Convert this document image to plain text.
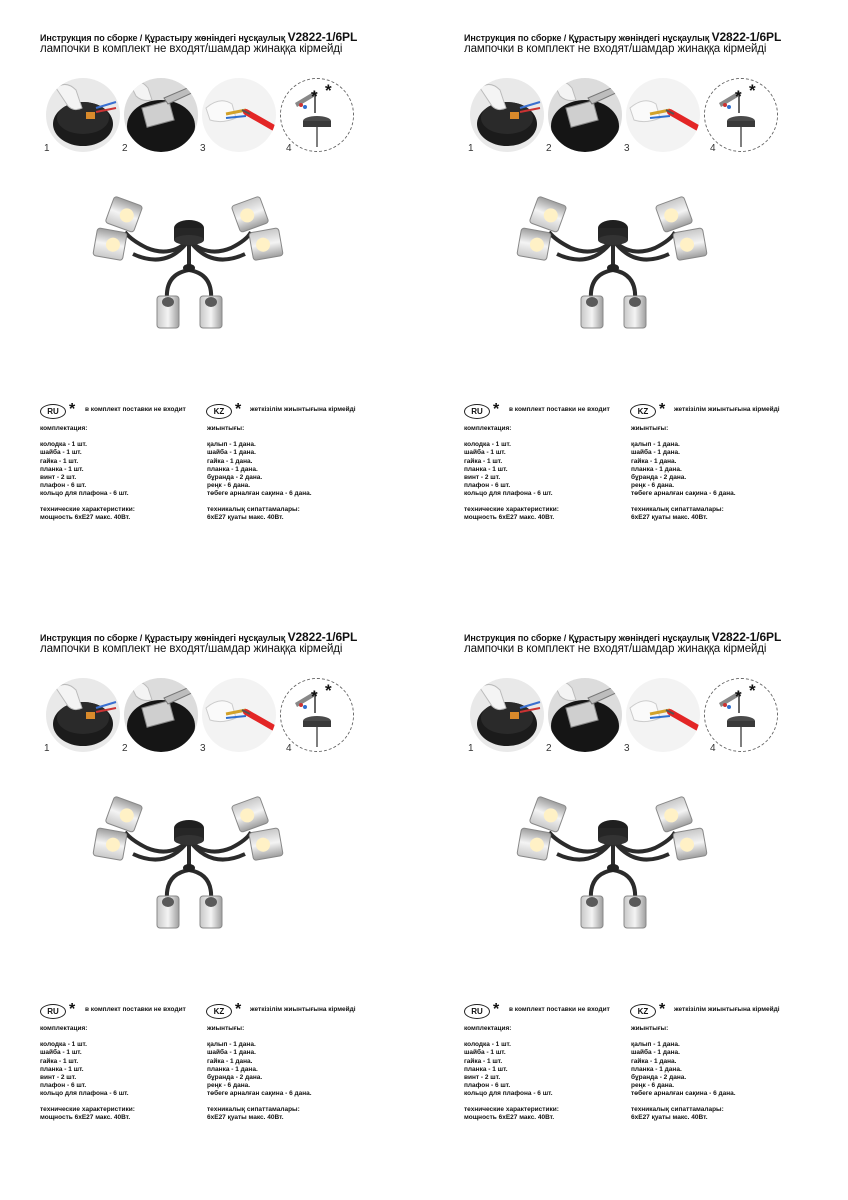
Инструкция по сборке / Құрастыру жөніндегі нұсқаулық V2822-1/6PL
лампочки в комплект не входят/шамдар жинаққа кірмейді
1	2	3
* *
4
RU * в комплект поставки не входит	KZ * жеткізілім жиынтығына кірмейді
комплектация:
колодка - 1 шт.
шайба - 1 шт.
гайка - 1 шт.
планка - 1 шт.
винт - 2 шт.
плафон - 6 шт.
кольцо для плафона - 6 шт.
технические характеристики:
мощность 6хЕ27 макс. 40Вт.
жиынтығы:
қалып - 1 дана.
шайба - 1 дана.
гайка - 1 дана.
планка - 1 дана.
бұранда - 2 дана.
реңк - 6 дана.
төбеге арналған сақина - 6 дана.
техникалық сипаттамалары:
6хЕ27 қуаты макс. 40Вт.
Инструкция по сборке / Құрастыру жөніндегі нұсқаулық V2822-1/6PL
лампочки в комплект не входят/шамдар жинаққа кірмейді
1	2	3
* *
4
RU * в комплект поставки не входит	KZ * жеткізілім жиынтығына кірмейді
комплектация:
колодка - 1 шт.
шайба - 1 шт.
гайка - 1 шт.
планка - 1 шт.
винт - 2 шт.
плафон - 6 шт.
кольцо для плафона - 6 шт.
технические характеристики:
мощность 6хЕ27 макс. 40Вт.
жиынтығы:
қалып - 1 дана.
шайба - 1 дана.
гайка - 1 дана.
планка - 1 дана.
бұранда - 2 дана.
реңк - 6 дана.
төбеге арналған сақина - 6 дана.
техникалық сипаттамалары:
6хЕ27 қуаты макс. 40Вт.
Инструкция по сборке / Құрастыру жөніндегі нұсқаулық V2822-1/6PL
лампочки в комплект не входят/шамдар жинаққа кірмейді
1	2	3
* *
4
RU * в комплект поставки не входит	KZ * жеткізілім жиынтығына кірмейді
комплектация:
колодка - 1 шт.
шайба - 1 шт.
гайка - 1 шт.
планка - 1 шт.
винт - 2 шт.
плафон - 6 шт.
кольцо для плафона - 6 шт.
технические характеристики:
мощность 6хЕ27 макс. 40Вт.
жиынтығы:
қалып - 1 дана.
шайба - 1 дана.
гайка - 1 дана.
планка - 1 дана.
бұранда - 2 дана.
реңк - 6 дана.
төбеге арналған сақина - 6 дана.
техникалық сипаттамалары:
6хЕ27 қуаты макс. 40Вт.
Инструкция по сборке / Құрастыру жөніндегі нұсқаулық V2822-1/6PL
лампочки в комплект не входят/шамдар жинаққа кірмейді
1	2	3
* *
4
RU * в комплект поставки не входит	KZ * жеткізілім жиынтығына кірмейді
комплектация:
колодка - 1 шт.
шайба - 1 шт.
гайка - 1 шт.
планка - 1 шт.
винт - 2 шт.
плафон - 6 шт.
кольцо для плафона - 6 шт.
технические характеристики:
мощность 6хЕ27 макс. 40Вт.
жиынтығы:
қалып - 1 дана.
шайба - 1 дана.
гайка - 1 дана.
планка - 1 дана.
бұранда - 2 дана.
реңк - 6 дана.
төбеге арналған сақина - 6 дана.
техникалық сипаттамалары:
6хЕ27 қуаты макс. 40Вт.
